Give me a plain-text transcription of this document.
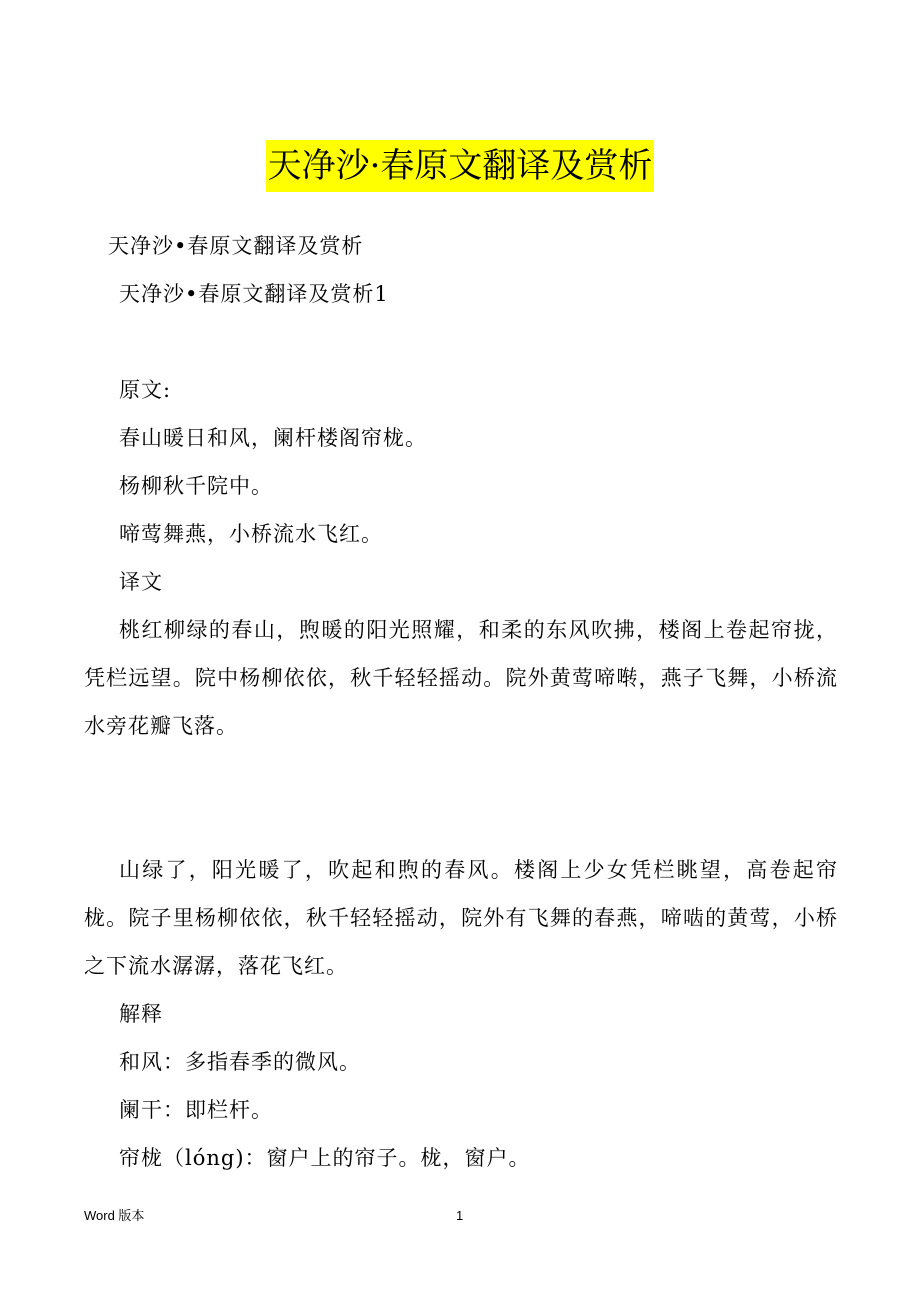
天净沙·春原文翻译及赏析
天净沙•春原文翻译及赏析
天净沙•春原文翻译及赏析1
原文:
春山暖日和风，阑杆楼阁帘栊。
杨柳秋千院中。
啼莺舞燕，小桥流水飞红。
译文
桃红柳绿的春山，煦暖的阳光照耀，和柔的东风吹拂，楼阁上卷起帘拢，凭栏远望。院中杨柳依依，秋千轻轻摇动。院外黄莺啼啭，燕子飞舞，小桥流水旁花瓣飞落。
山绿了，阳光暖了，吹起和煦的春风。楼阁上少女凭栏眺望，高卷起帘栊。院子里杨柳依依，秋千轻轻摇动，院外有飞舞的春燕，啼啮的黄莺，小桥之下流水潺潺，落花飞红。
解释
和风：多指春季的微风。
阑干：即栏杆。
帘栊（lóng)：窗户上的帘子。栊，窗户。
Word 版本	1
